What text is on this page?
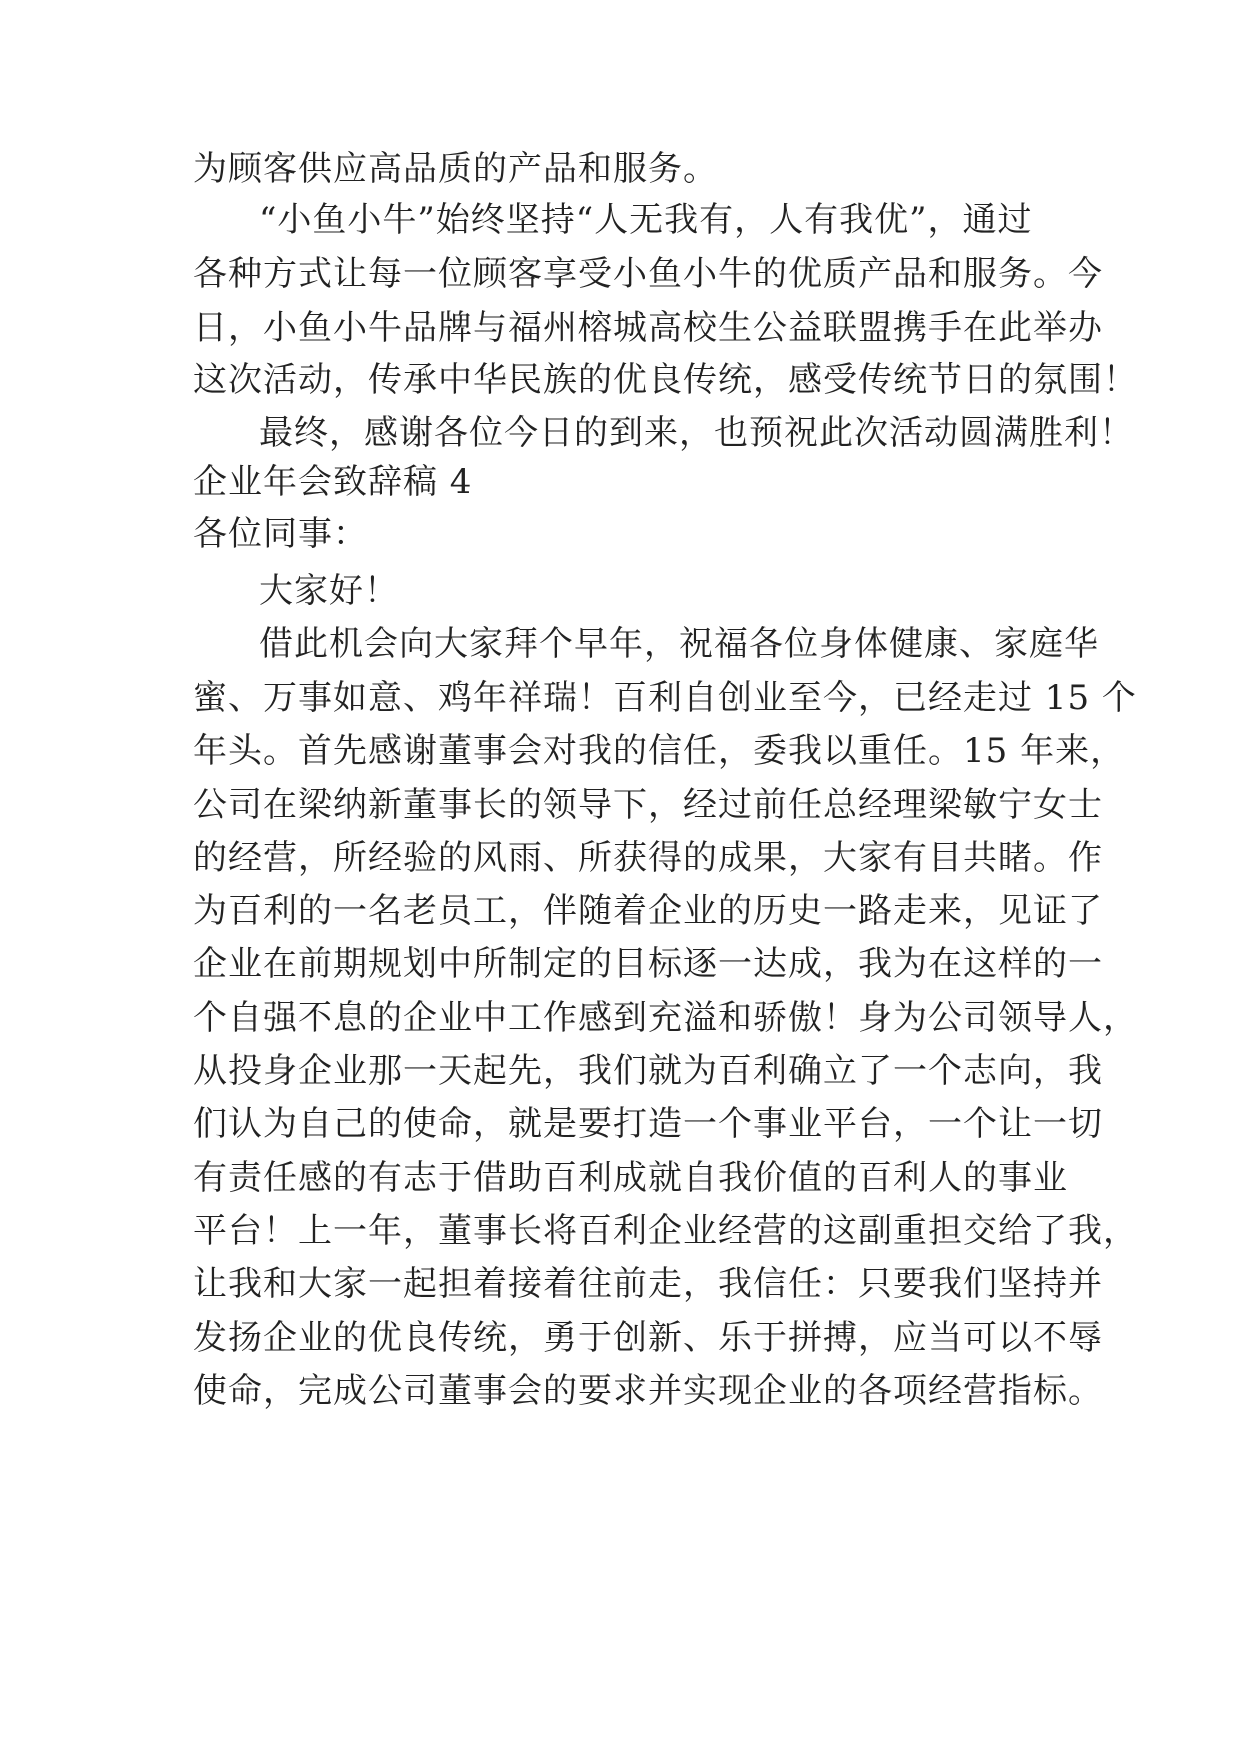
为顾客供应高品质的产品和服务。
“小鱼小牛”始终坚持“人无我有，人有我优”，通过
各种方式让每一位顾客享受小鱼小牛的优质产品和服务。今
日，小鱼小牛品牌与福州榕城高校生公益联盟携手在此举办
这次活动，传承中华民族的优良传统，感受传统节日的氛围！
最终，感谢各位今日的到来，也预祝此次活动圆满胜利！
企业年会致辞稿 4
各位同事：
大家好！
借此机会向大家拜个早年，祝福各位身体健康、家庭华
蜜、万事如意、鸡年祥瑞！百利自创业至今，已经走过 15 个
年头。首先感谢董事会对我的信任，委我以重任。15 年来，
公司在梁纳新董事长的领导下，经过前任总经理梁敏宁女士
的经营，所经验的风雨、所获得的成果，大家有目共睹。作
为百利的一名老员工，伴随着企业的历史一路走来，见证了
企业在前期规划中所制定的目标逐一达成，我为在这样的一
个自强不息的企业中工作感到充溢和骄傲！身为公司领导人，
从投身企业那一天起先，我们就为百利确立了一个志向，我
们认为自己的使命，就是要打造一个事业平台，一个让一切
有责任感的有志于借助百利成就自我价值的百利人的事业
平台！上一年，董事长将百利企业经营的这副重担交给了我，
让我和大家一起担着接着往前走，我信任：只要我们坚持并
发扬企业的优良传统，勇于创新、乐于拼搏，应当可以不辱
使命，完成公司董事会的要求并实现企业的各项经营指标。
